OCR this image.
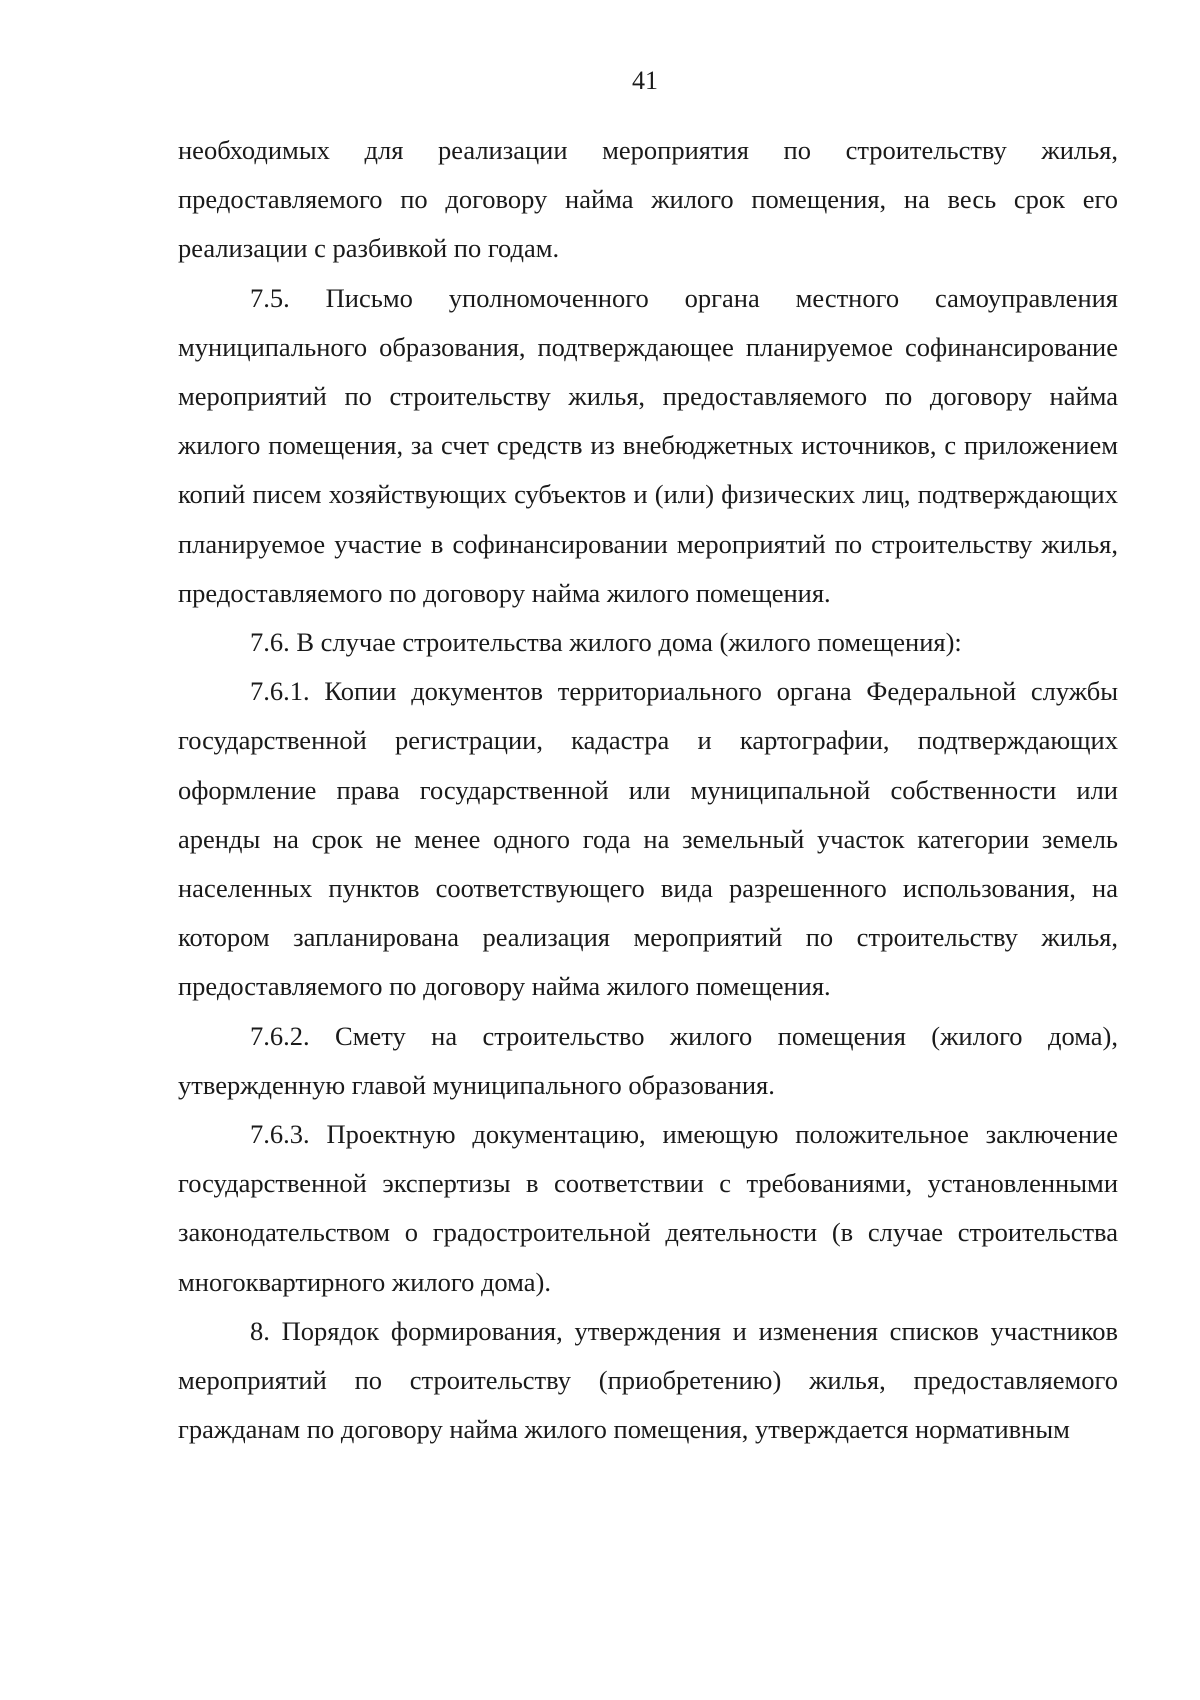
41

необходимых для реализации мероприятия по строительству жилья, предоставляемого по договору найма жилого помещения, на весь срок его реализации с разбивкой по годам.

7.5. Письмо уполномоченного органа местного самоуправления муниципального образования, подтверждающее планируемое софинансирование мероприятий по строительству жилья, предоставляемого по договору найма жилого помещения, за счет средств из внебюджетных источников, с приложением копий писем хозяйствующих субъектов и (или) физических лиц, подтверждающих планируемое участие в софинансировании мероприятий по строительству жилья, предоставляемого по договору найма жилого помещения.

7.6. В случае строительства жилого дома (жилого помещения):

7.6.1. Копии документов территориального органа Федеральной службы государственной регистрации, кадастра и картографии, подтверждающих оформление права государственной или муниципальной собственности или аренды на срок не менее одного года на земельный участок категории земель населенных пунктов соответствующего вида разрешенного использования, на котором запланирована реализация мероприятий по строительству жилья, предоставляемого по договору найма жилого помещения.

7.6.2. Смету на строительство жилого помещения (жилого дома), утвержденную главой муниципального образования.

7.6.3. Проектную документацию, имеющую положительное заключение государственной экспертизы в соответствии с требованиями, установленными законодательством о градостроительной деятельности (в случае строительства многоквартирного жилого дома).

8. Порядок формирования, утверждения и изменения списков участников мероприятий по строительству (приобретению) жилья, предоставляемого гражданам по договору найма жилого помещения, утверждается нормативным
